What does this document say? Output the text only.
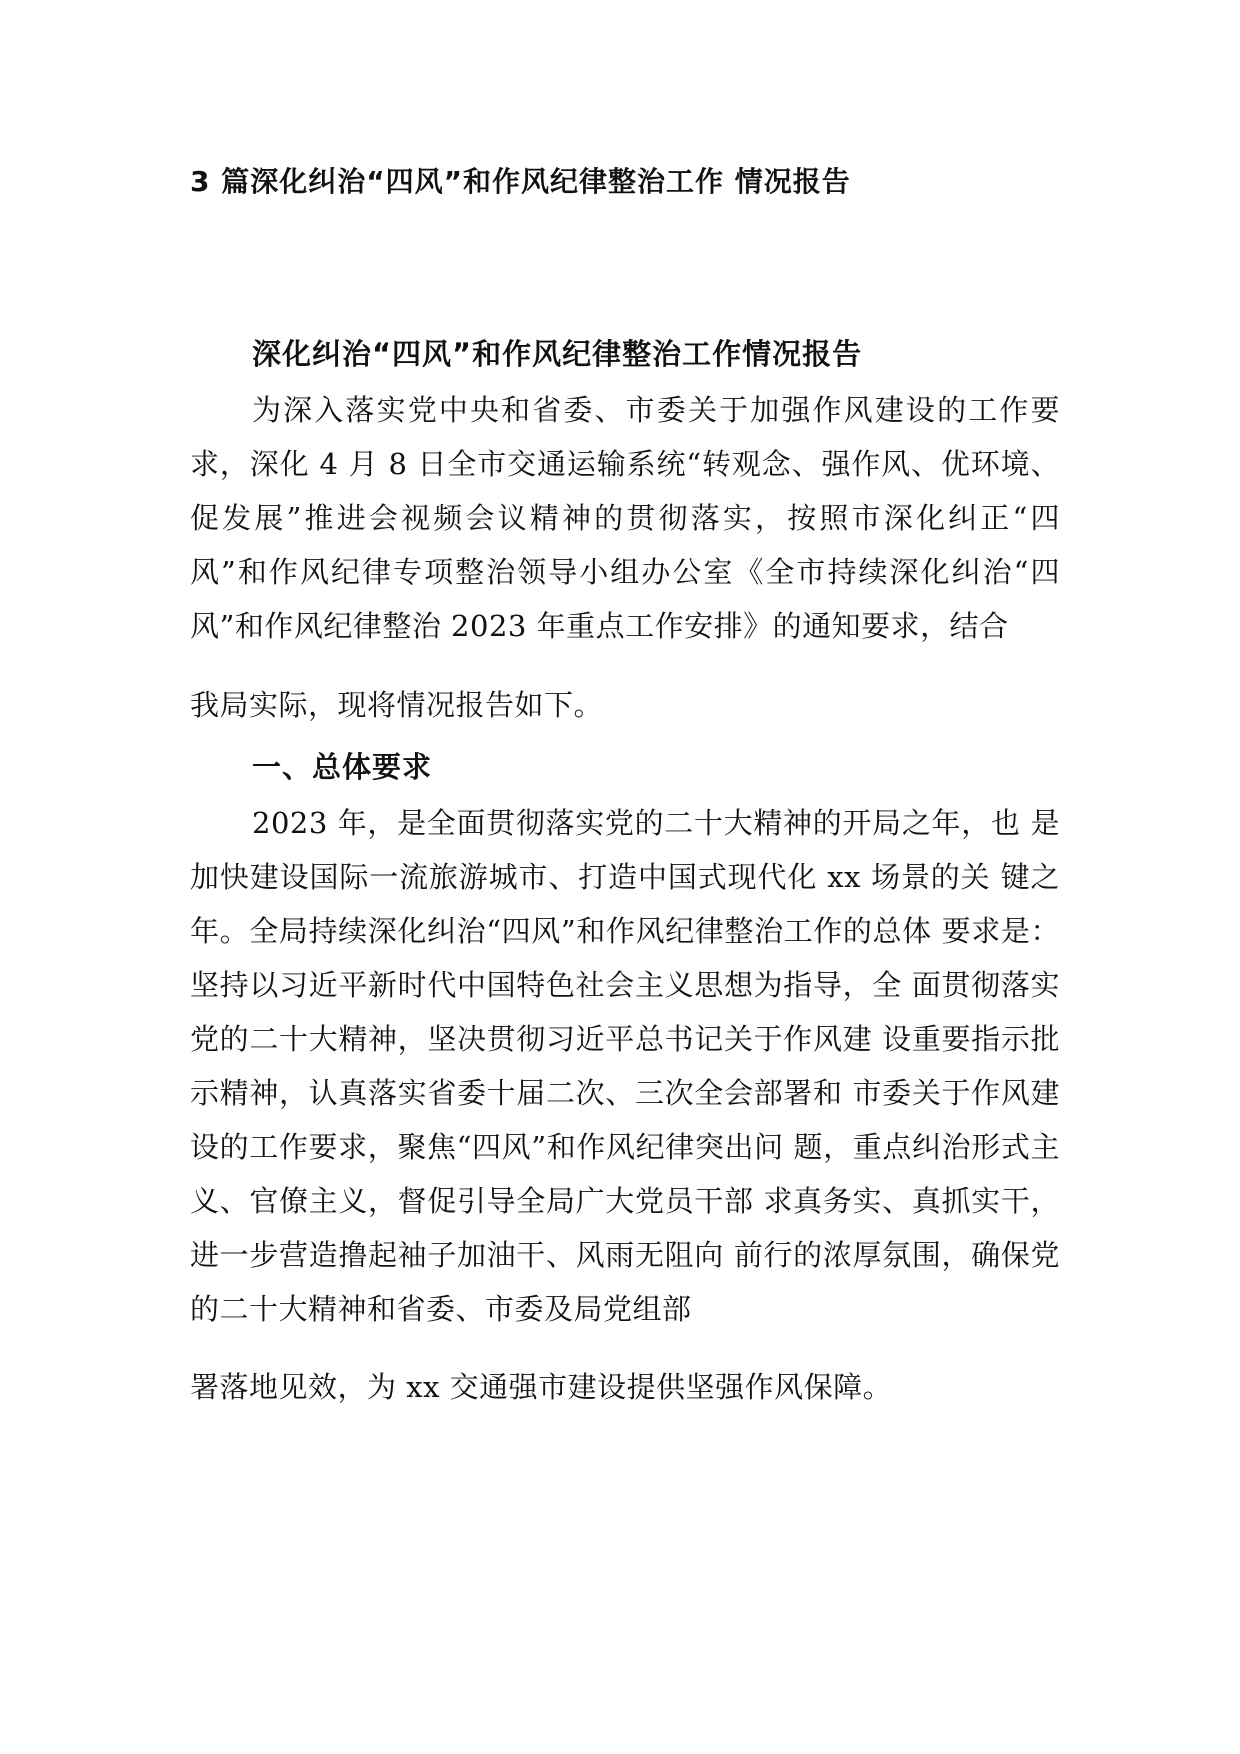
3 篇深化纠治“四风”和作风纪律整治工作 情况报告
深化纠治“四风”和作风纪律整治工作情况报告
为深入落实党中央和省委、市委关于加强作风建设的工作要求，深化 4 月 8 日全市交通运输系统“转观念、强作风、优环境、 促发展”推进会视频会议精神的贯彻落实，按照市深化纠正“四 风”和作风纪律专项整治领导小组办公室《全市持续深化纠治“四 风”和作风纪律整治 2023 年重点工作安排》的通知要求，结合
我局实际，现将情况报告如下。
一、总体要求
2023 年，是全面贯彻落实党的二十大精神的开局之年，也 是加快建设国际一流旅游城市、打造中国式现代化 xx 场景的关 键之年。全局持续深化纠治“四风”和作风纪律整治工作的总体 要求是：坚持以习近平新时代中国特色社会主义思想为指导，全 面贯彻落实党的二十大精神，坚决贯彻习近平总书记关于作风建 设重要指示批示精神，认真落实省委十届二次、三次全会部署和 市委关于作风建设的工作要求，聚焦“四风”和作风纪律突出问 题，重点纠治形式主义、官僚主义，督促引导全局广大党员干部 求真务实、真抓实干，进一步营造撸起袖子加油干、风雨无阻向 前行的浓厚氛围，确保党的二十大精神和省委、市委及局党组部
署落地见效，为 xx 交通强市建设提供坚强作风保障。
